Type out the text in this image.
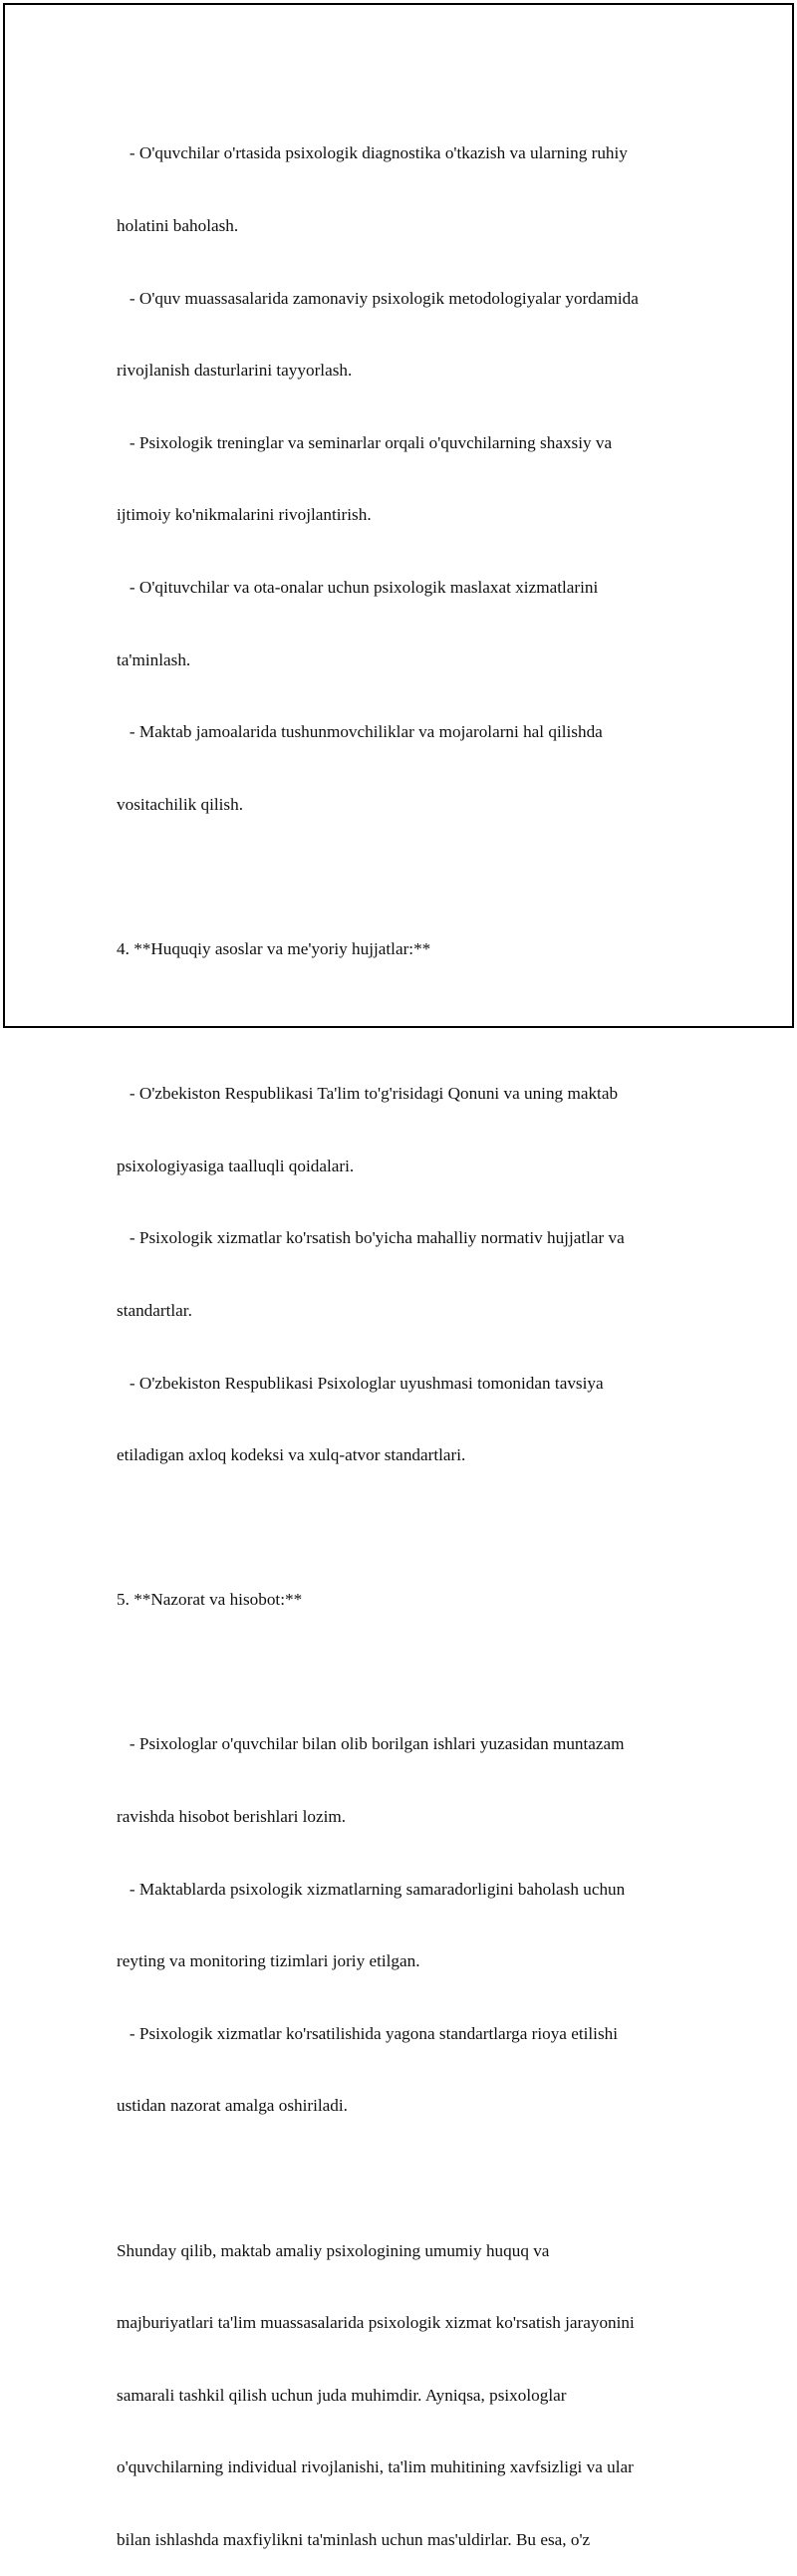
- O'quvchilar o'rtasida psixologik diagnostika o'tkazish va ularning ruhiy

holatini baholash.

- O'quv muassasalarida zamonaviy psixologik metodologiyalar yordamida

rivojlanish dasturlarini tayyorlash.

- Psixologik treninglar va seminarlar orqali o'quvchilarning shaxsiy va

ijtimoiy ko'nikmalarini rivojlantirish.

- O'qituvchilar va ota-onalar uchun psixologik maslaxat xizmatlarini

ta'minlash.

- Maktab jamoalarida tushunmovchiliklar va mojarolarni hal qilishda

vositachilik qilish.

4. **Huquqiy asoslar va me'yoriy hujjatlar:**

- O'zbekiston Respublikasi Ta'lim to'g'risidagi Qonuni va uning maktab

psixologiyasiga taalluqli qoidalari.

- Psixologik xizmatlar ko'rsatish bo'yicha mahalliy normativ hujjatlar va

standartlar.

- O'zbekiston Respublikasi Psixologlar uyushmasi tomonidan tavsiya

etiladigan axloq kodeksi va xulq-atvor standartlari.

5. **Nazorat va hisobot:**

- Psixologlar o'quvchilar bilan olib borilgan ishlari yuzasidan muntazam

ravishda hisobot berishlari lozim.

- Maktablarda psixologik xizmatlarning samaradorligini baholash uchun

reyting va monitoring tizimlari joriy etilgan.

- Psixologik xizmatlar ko'rsatilishida yagona standartlarga rioya etilishi

ustidan nazorat amalga oshiriladi.

Shunday qilib, maktab amaliy psixologining umumiy huquq va

majburiyatlari ta'lim muassasalarida psixologik xizmat ko'rsatish jarayonini

samarali tashkil qilish uchun juda muhimdir. Ayniqsa, psixologlar

o'quvchilarning individual rivojlanishi, ta'lim muhitining xavfsizligi va ular

bilan ishlashda maxfiylikni ta'minlash uchun mas'uldirlar. Bu esa, o'z
